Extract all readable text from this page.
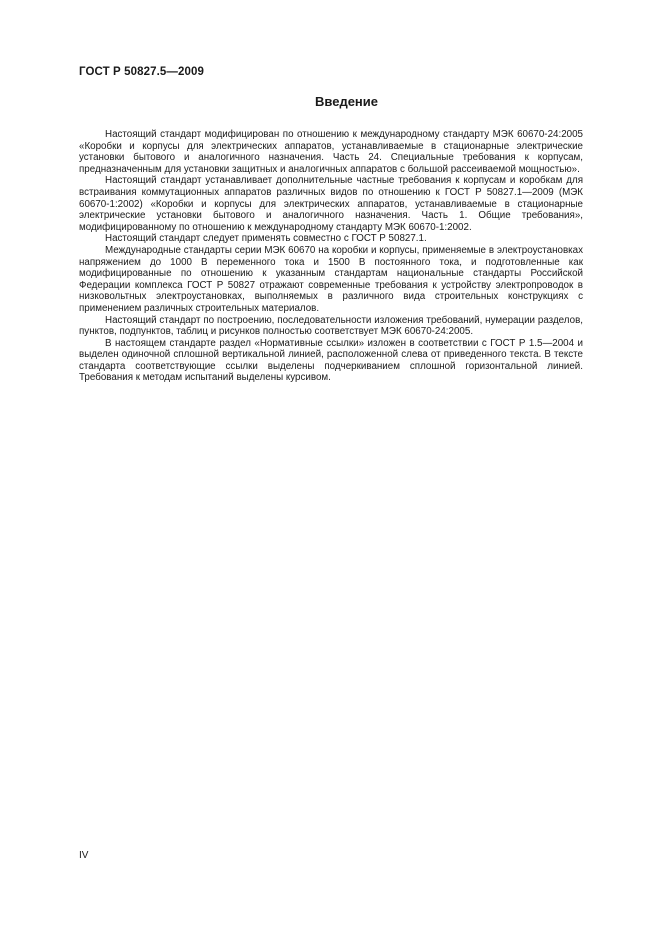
ГОСТ Р 50827.5—2009
Введение

Настоящий стандарт модифицирован по отношению к международному стандарту МЭК 60670-24:2005 «Коробки и корпусы для электрических аппаратов, устанавливаемые в стационарные электрические установки бытового и аналогичного назначения. Часть 24. Специальные требования к корпусам, предназначенным для установки защитных и аналогичных аппаратов с большой рассеиваемой мощностью».

Настоящий стандарт устанавливает дополнительные частные требования к корпусам и коробкам для встраивания коммутационных аппаратов различных видов по отношению к ГОСТ Р 50827.1—2009 (МЭК 60670-1:2002) «Коробки и корпусы для электрических аппаратов, устанавливаемые в стационарные электрические установки бытового и аналогичного назначения. Часть 1. Общие требования», модифицированному по отношению к международному стандарту МЭК 60670-1:2002.

Настоящий стандарт следует применять совместно с ГОСТ Р 50827.1.

Международные стандарты серии МЭК 60670 на коробки и корпусы, применяемые в электроустановках напряжением до 1000 В переменного тока и 1500 В постоянного тока, и подготовленные как модифицированные по отношению к указанным стандартам национальные стандарты Российской Федерации комплекса ГОСТ Р 50827 отражают современные требования к устройству электропроводок в низковольтных электроустановках, выполняемых в различного вида строительных конструкциях с применением различных строительных материалов.

Настоящий стандарт по построению, последовательности изложения требований, нумерации разделов, пунктов, подпунктов, таблиц и рисунков полностью соответствует МЭК 60670-24:2005.

В настоящем стандарте раздел «Нормативные ссылки» изложен в соответствии с ГОСТ Р 1.5—2004 и выделен одиночной сплошной вертикальной линией, расположенной слева от приведенного текста. В тексте стандарта соответствующие ссылки выделены подчеркиванием сплошной горизонтальной линией. Требования к методам испытаний выделены курсивом.

IV
